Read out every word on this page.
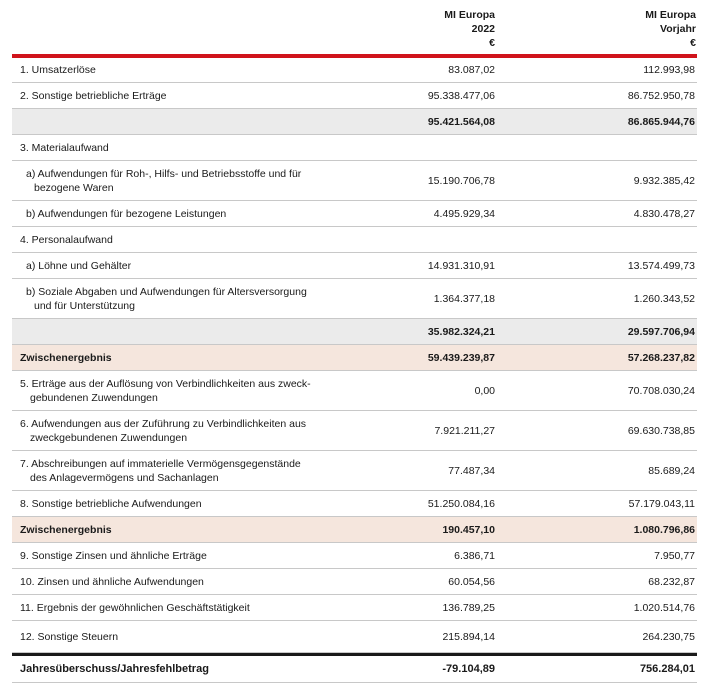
MI Europa
2022
€
MI Europa
Vorjahr
€
1. Umsatzerlöse	83.087,02	112.993,98
2. Sonstige betriebliche Erträge	95.338.477,06	86.752.950,78
95.421.564,08	86.865.944,76
3. Materialaufwand
a) Aufwendungen für Roh-, Hilfs- und Betriebsstoffe und für
bezogene Waren
15.190.706,78	9.932.385,42
b) Aufwendungen für bezogene Leistungen	4.495.929,34	4.830.478,27
4. Personalaufwand
a) Löhne und Gehälter	14.931.310,91	13.574.499,73
b) Soziale Abgaben und Aufwendungen für Altersversorgung
und für Unterstützung
1.364.377,18	1.260.343,52
35.982.324,21	29.597.706,94
Zwischenergebnis	59.439.239,87	57.268.237,82
5. Erträge aus der Auflösung von Verbindlichkeiten aus zweck-
gebundenen Zuwendungen
0,00	70.708.030,24
6. Aufwendungen aus der Zuführung zu Verbindlichkeiten aus
zweckgebundenen Zuwendungen
7.921.211,27	69.630.738,85
7. Abschreibungen auf immaterielle Vermögensgegenstände
des Anlagevermögens und Sachanlagen
77.487,34	85.689,24
8. Sonstige betriebliche Aufwendungen	51.250.084,16	57.179.043,11
Zwischenergebnis	190.457,10	1.080.796,86
9. Sonstige Zinsen und ähnliche Erträge	6.386,71	7.950,77
10. Zinsen und ähnliche Aufwendungen	60.054,56	68.232,87
11. Ergebnis der gewöhnlichen Geschäftstätigkeit	136.789,25	1.020.514,76
12. Sonstige Steuern	215.894,14	264.230,75
Jahresüberschuss/Jahresfehlbetrag	-79.104,89	756.284,01
